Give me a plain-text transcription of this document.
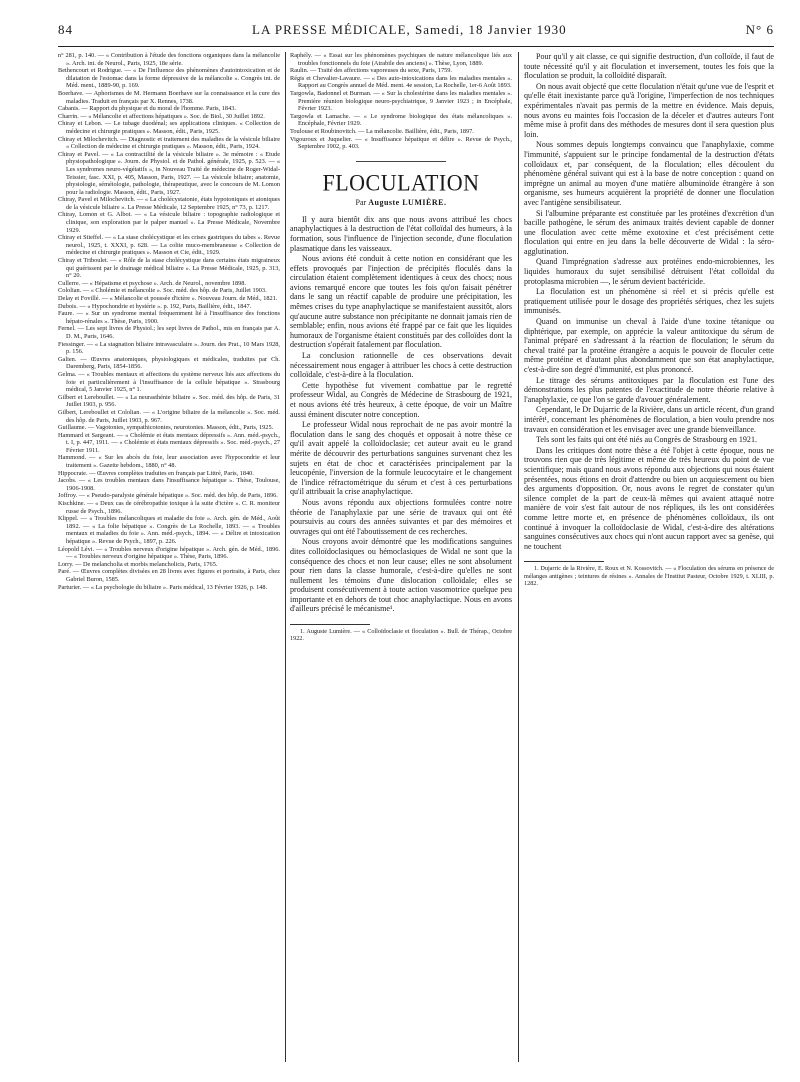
84	LA PRESSE MÉDICALE, Samedi, 18 Janvier 1930	N° 6

n° 281, p. 140. — « Contribution à l'étude des fonctions organiques dans la mélancolie ». Arch. int. de Neurol., Paris, 1925, 18e série.

Bethencourt et Rodrigue. — « De l'influence des phénomènes d'autointoxication et de dilatation de l'estomac dans la forme dépressive de la mélancolie ». Congrès int. de Méd. ment., 1889-90, p. 169.

Boerhave. — Aphorismes de M. Hermann Boerhave sur la connaissance et la cure des maladies. Traduit en français par X. Rennes, 1738.

Cabanis. — Rapport du physique et du moral de l'homme. Paris, 1843.

Charrin. — « Mélancolie et affections hépatiques ». Soc. de Biol., 30 Juillet 1892.

Chiray et Lebon. — Le tubage duodénal; ses applications cliniques. « Collection de médecine et chirurgie pratiques ». Masson, édit., Paris, 1925.

Chiray et Milochevitch. — Diagnostic et traitement des maladies de la vésicule biliaire « Collection de médecine et chirurgie pratiques ». Masson, édit., Paris, 1924.

Chiray et Pavel. — « La contractilité de la vésicule biliaire ». 3e mémoire : « Etude physiopathologique ». Journ. de Physiol. et de Pathol. générale, 1925, p. 523. — « Les syndromes neuro-végétatifs », in Nouveau Traité de médecine de Roger-Widal-Teissier, fasc. XXI, p. 405, Masson, Paris, 1927. — La vésicule biliaire; anatomie, physiologie, séméiologie, pathologie, thérapeutique, avec le concours de M. Lomon pour la radiologie. Masson, édit., Paris, 1927.

Chiray, Pavel et Milochevitch. — « La cholécystatonie, états hypotoniques et atoniques de la vésicule biliaire ». La Presse Médicale, 12 Septembre 1925, n° 73, p. 1217.

Chiray, Lomon et G. Albot. — « La vésicule biliaire : topographie radiologique et clinique, son exploration par le palper manuel ». La Presse Médicale, Novembre 1929.

Chiray et Stieffel. — « La stase cholécystique et les crises gastriques du tabes ». Revue neurol., 1925, t. XXXI, p. 628. — La colite muco-membraneuse « Collection de médecine et chirurgie pratiques ». Masson et Cie, édit., 1929.

Chiray et Triboulet. — « Rôle de la stase cholécystique dans certains états migraineux qui guérissent par le drainage médical biliaire ». La Presse Médicale, 1925, p. 313, n° 20.

Cullerre. — « Hépatisme et psychose ». Arch. de Neurol., novembre 1898.

Cololian. — « Cholémie et mélancolie ». Soc. méd. des hôp. de Paris, Juillet 1903.

Delay et Fovillé. — « Mélancolie et poussée d'ictère ». Nouveau Journ. de Méd., 1821.

Dubois. — « Hypochondrie et hystérie ». p. 192, Paris, Baillière, édit., 1847.

Faure. — « Sur un syndrome mental fréquemment lié à l'insuffisance des fonctions hépato-rénales ». Thèse, Paris, 1900.

Fernel. — Les sept livres de Physiol.; les sept livres de Pathol., mis en français par A. D. M., Paris, 1646.

Fiessinger. — « La stagnation biliaire intravasculaire ». Journ. des Prat., 10 Mars 1928, p. 156.

Galien. — Œuvres anatomiques, physiologiques et médicales, traduites par Ch. Daremberg, Paris, 1854-1856.

Gelma. — « Troubles mentaux et affections du système nerveux liés aux affections du foie et particulièrement à l'insuffisance de la cellule hépatique ». Strasbourg médical, 5 Janvier 1925, n° 1.

Gilbert et Lereboullet. — « La neurasthénie biliaire ». Soc. méd. des hôp. de Paris, 31 Juillet 1903, p. 956.

Gilbert, Lereboullet et Cololian. — « L'origine biliaire de la mélancolie ». Soc. méd. des hôp. de Paris, Juillet 1903, p. 967.

Guillaume. — Vagotonies, sympathicotonies, neurotonies. Masson, édit., Paris, 1925.

Hammard et Sargeant. — « Cholémie et états mentaux dépressifs ». Ann. méd.-psych., t. I, p. 447, 1911. — « Cholémie et états mentaux dépressifs ». Soc. méd.-psych., 27 Février 1911.

Hammond. — « Sur les abcès du foie, leur association avec l'hypocondrie et leur traitement ». Gazette hebdom., 1880, n° 48.

Hippocrate. — Œuvres complètes traduites en français par Littré, Paris, 1840.

Jacobs. — « Les troubles mentaux dans l'insuffisance hépatique ». Thèse, Toulouse, 1906-1908.

Joffroy. — « Pseudo-paralysie générale hépatique ». Soc. méd. des hôp. de Paris, 1896.

Kischkine. — « Deux cas de cérébropathie toxique à la suite d'ictère ». C. R. moniteur russe de Psych., 1896.

Klippel. — « Troubles mélancoliques et maladie du foie ». Arch. gén. de Méd., Août 1892. — « La folie hépatique ». Congrès de La Rochelle, 1893. — « Troubles mentaux et maladies du foie ». Ann. méd.-psych., 1894. — « Délire et intoxication hépatique ». Revue de Psych., 1897, p. 226.

Léopold Lévi. — « Troubles nerveux d'origine hépatique ». Arch. gén. de Méd., 1896. — « Troubles nerveux d'origine hépatique ». Thèse, Paris, 1896.

Lorry. — De melancholia et morbis melancholicis, Paris, 1765.

Paré. — Œuvres complètes divisées en 28 livres avec figures et portraits, à Paris, chez Gabriel Buron, 1585.

Parturier. — « La psychologie du biliaire ». Paris médical, 13 Février 1926, p. 148.

Raphély. — « Essai sur les phénomènes psychiques de nature mélancolique liés aux troubles fonctionnels du foie (Atrabile des anciens) ». Thèse, Lyon, 1889.

Raulin. — Traité des affections vaporeuses du sexe, Paris, 1759.

Régis et Chevalier-Lavaure. — « Des auto-intoxications dans les maladies mentales ». Rapport au Congrès annuel de Méd. ment. 4e session, La Rochelle, 1er-6 Août 1893.

Targowla, Badonnel et Burman. — « Sur la cholestérine dans les maladies mentales ». Première réunion biologique neuro-psychiatrique, 9 Janvier 1923 ; in Encéphale, Février 1923.

Targowla et Lamache. — « Le syndrome biologique des états mélancoliques ». Encéphale, Février 1929.

Toulouse et Roubinovitch. — La mélancolie. Baillière, édit., Paris, 1897.

Vigouroux et Juquelier. — « Insuffisance hépatique et délire ». Revue de Psych., Septembre 1902, p. 403.

FLOCULATION
Par Auguste LUMIÈRE.

Il y aura bientôt dix ans que nous avons attribué les chocs anaphylactiques à la destruction de l'état colloïdal des humeurs, à la formation, sous l'influence de l'injection seconde, d'une floculation plasmatique dans les vaisseaux.

Nous avions été conduit à cette notion en considérant que les effets provoqués par l'injection de précipités floculés dans la circulation étaient complètement identiques à ceux des chocs; nous avions remarqué encore que toutes les fois qu'on faisait pénétrer dans le sang un réactif capable de produire une précipitation, les mêmes crises du type anaphylactique se manifestaient aussitôt, alors qu'aucune autre substance non précipitante ne donnait jamais rien de semblable; enfin, nous avions été frappé par ce fait que les liquides humoraux de l'organisme étaient constitués par des colloïdes dont la destruction s'opérait fatalement par floculation.

La conclusion rationnelle de ces observations devait nécessairement nous engager à attribuer les chocs à cette destruction colloïdale, c'est-à-dire à la floculation.

Cette hypothèse fut vivement combattue par le regretté professeur Widal, au Congrès de Médecine de Strasbourg de 1921, et nous avions été très heureux, à cette époque, de voir un Maître aussi éminent discuter notre conception.

Le professeur Widal nous reprochait de ne pas avoir montré la floculation dans le sang des choqués et opposait à notre thèse ce qu'il avait appelé la colloïdoclasie; cet auteur avait eu le grand mérite de découvrir des perturbations sanguines survenant chez les sujets en état de choc et caractérisées principalement par la leucopénie, l'inversion de la formule leucocytaire et le changement de l'indice réfractométrique du sérum et c'est à ces perturbations qu'il attribuait la crise anaphylactique.

Nous avons répondu aux objections formulées contre notre théorie de l'anaphylaxie par une série de travaux qui ont été poursuivis au cours des années suivantes et par des mémoires et ouvrages qui ont été l'aboutissement de ces recherches.

Nous croyons avoir démontré que les modifications sanguines dites colloïdoclasiques ou hémoclasiques de Widal ne sont que la conséquence des chocs et non leur cause; elles ne sont absolument pour rien dans la classe humorale, c'est-à-dire qu'elles ne sont nullement les témoins d'une dislocation colloïdale; elles se produisent consécutivement à toute action vasomotrice quelque peu importante et en dehors de tout choc anaphylactique. Nous en avons d'ailleurs précisé le mécanisme¹.

1. Auguste Lumière. — « Colloïdoclasie et floculation ». Bull. de Thérap., Octobre 1922.

Pour qu'il y ait classe, ce qui signifie destruction, d'un colloïde, il faut de toute nécessité qu'il y ait floculation et inversement, toutes les fois que la floculation se produit, la colloïdité disparaît.

On nous avait objecté que cette floculation n'était qu'une vue de l'esprit et qu'elle était inexistante parce qu'à l'origine, l'imperfection de nos techniques expérimentales n'avait pas permis de la mettre en évidence. Mais depuis, nous avons eu maintes fois l'occasion de la déceler et d'autres auteurs l'ont même mise à profit dans des méthodes de mesures dont il sera question plus loin.

Nous sommes depuis longtemps convaincu que l'anaphylaxie, comme l'immunité, s'appuient sur le principe fondamental de la destruction d'états colloïdaux et, par conséquent, de la floculation; elles découlent du phénomène général suivant qui est à la base de notre conception : quand on imprègne un animal au moyen d'une matière albuminoïde étrangère à son organisme, ses humeurs acquièrent la propriété de donner une floculation avec l'antigène sensibilisateur.

Si l'albumine préparante est constituée par les protéines d'excrétion d'un bacille pathogène, le sérum des animaux traités devient capable de donner une floculation avec cette même exotoxine et c'est précisément cette floculation qui entre en jeu dans la belle découverte de Widal : la séro-agglutination.

Quand l'imprégnation s'adresse aux protéines endo-microbiennes, les liquides humoraux du sujet sensibilisé détruisent l'état colloïdal du protoplasma microbien —, le sérum devient bactéricide.

La floculation est un phénomène si réel et si précis qu'elle est pratiquement utilisée pour le dosage des propriétés sériques, chez les sujets immunisés.

Quand on immunise un cheval à l'aide d'une toxine tétanique ou diphtérique, par exemple, on apprécie la valeur antitoxique du sérum de l'animal préparé en s'adressant à la réaction de floculation; le sérum du cheval traité par la protéine étrangère a acquis le pouvoir de floculer cette même protéine et d'autant plus abondamment que son état anaphylactique, c'est-à-dire son degré d'immunité, est plus prononcé.

Le titrage des sérums antitoxiques par la floculation est l'une des démonstrations les plus patentes de l'exactitude de notre théorie relative à l'anaphylaxie, ce que l'on se garde d'avouer généralement.

Cependant, le Dr Dujarric de la Rivière, dans un article récent, d'un grand intérêt¹, concernant les phénomènes de floculation, a bien voulu prendre nos travaux en considération et les envisager avec une grande bienveillance.

Tels sont les faits qui ont été niés au Congrès de Strasbourg en 1921.

Dans les critiques dont notre thèse a été l'objet à cette époque, nous ne trouvons rien que de très légitime et même de très heureux du point de vue scientifique; mais quand nous avons répondu aux objections qui nous étaient présentées, nous étions en droit d'attendre ou bien un acquiescement ou bien des arguments d'opposition. Or, nous avons le regret de constater qu'un silence complet de la part de ceux-là mêmes qui avaient attaqué notre manière de voir s'est fait autour de nos répliques, ils les ont considérées comme lettre morte et, en présence de phénomènes colloïdaux, ils ont continué à invoquer la colloïdoclasie de Widal, c'est-à-dire des altérations sanguines consécutives aux chocs qui n'ont aucun rapport avec sa genèse, qui ne touchent

1. Dujarric de la Rivière, E. Roux et N. Kossovitch. — « Floculation des sérums en présence de mélanges antigènes ; teintures de résines ». Annales de l'Institut Pasteur, Octobre 1929, t. XLIII, p. 1282.
